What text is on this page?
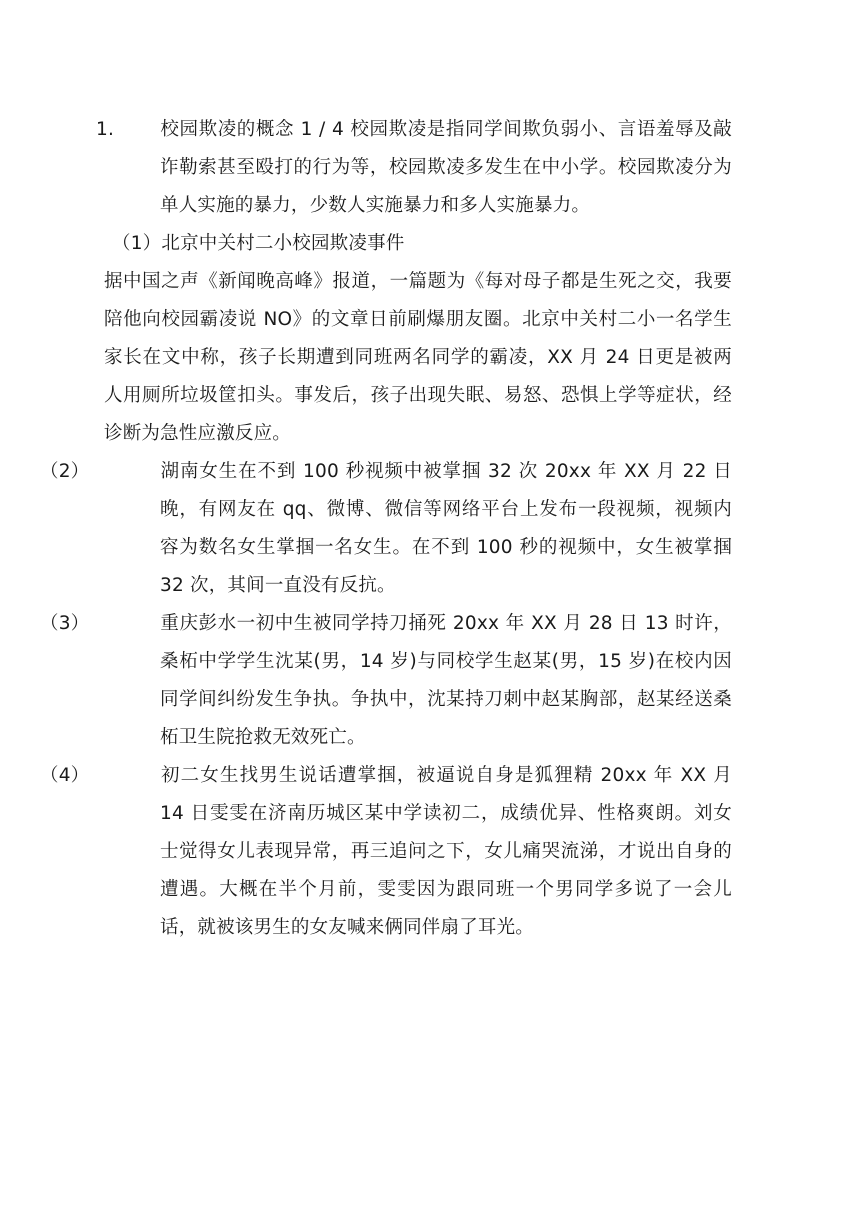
1. 校园欺凌的概念 1 / 4 校园欺凌是指同学间欺负弱小、言语羞辱及敲诈勒索甚至殴打的行为等，校园欺凌多发生在中小学。校园欺凌分为单人实施的暴力，少数人实施暴力和多人实施暴力。

（1）北京中关村二小校园欺凌事件

据中国之声《新闻晚高峰》报道，一篇题为《每对母子都是生死之交，我要陪他向校园霸凌说 NO》的文章日前刷爆朋友圈。北京中关村二小一名学生家长在文中称，孩子长期遭到同班两名同学的霸凌，XX 月 24 日更是被两人用厕所垃圾筐扣头。事发后，孩子出现失眠、易怒、恐惧上学等症状，经诊断为急性应激反应。

（2）	湖南女生在不到 100 秒视频中被掌掴 32 次 20xx 年 XX 月 22 日晚，有网友在 qq、微博、微信等网络平台上发布一段视频，视频内容为数名女生掌掴一名女生。在不到 100 秒的视频中，女生被掌掴 32 次，其间一直没有反抗。

（3）	重庆彭水一初中生被同学持刀捅死 20xx 年 XX 月 28 日 13 时许，桑柘中学学生沈某(男，14 岁)与同校学生赵某(男，15 岁)在校内因同学间纠纷发生争执。争执中，沈某持刀刺中赵某胸部，赵某经送桑柘卫生院抢救无效死亡。

（4）	初二女生找男生说话遭掌掴，被逼说自身是狐狸精 20xx 年 XX 月 14 日雯雯在济南历城区某中学读初二，成绩优异、性格爽朗。刘女士觉得女儿表现异常，再三追问之下，女儿痛哭流涕，才说出自身的遭遇。大概在半个月前，雯雯因为跟同班一个男同学多说了一会儿话，就被该男生的女友喊来俩同伴扇了耳光。
